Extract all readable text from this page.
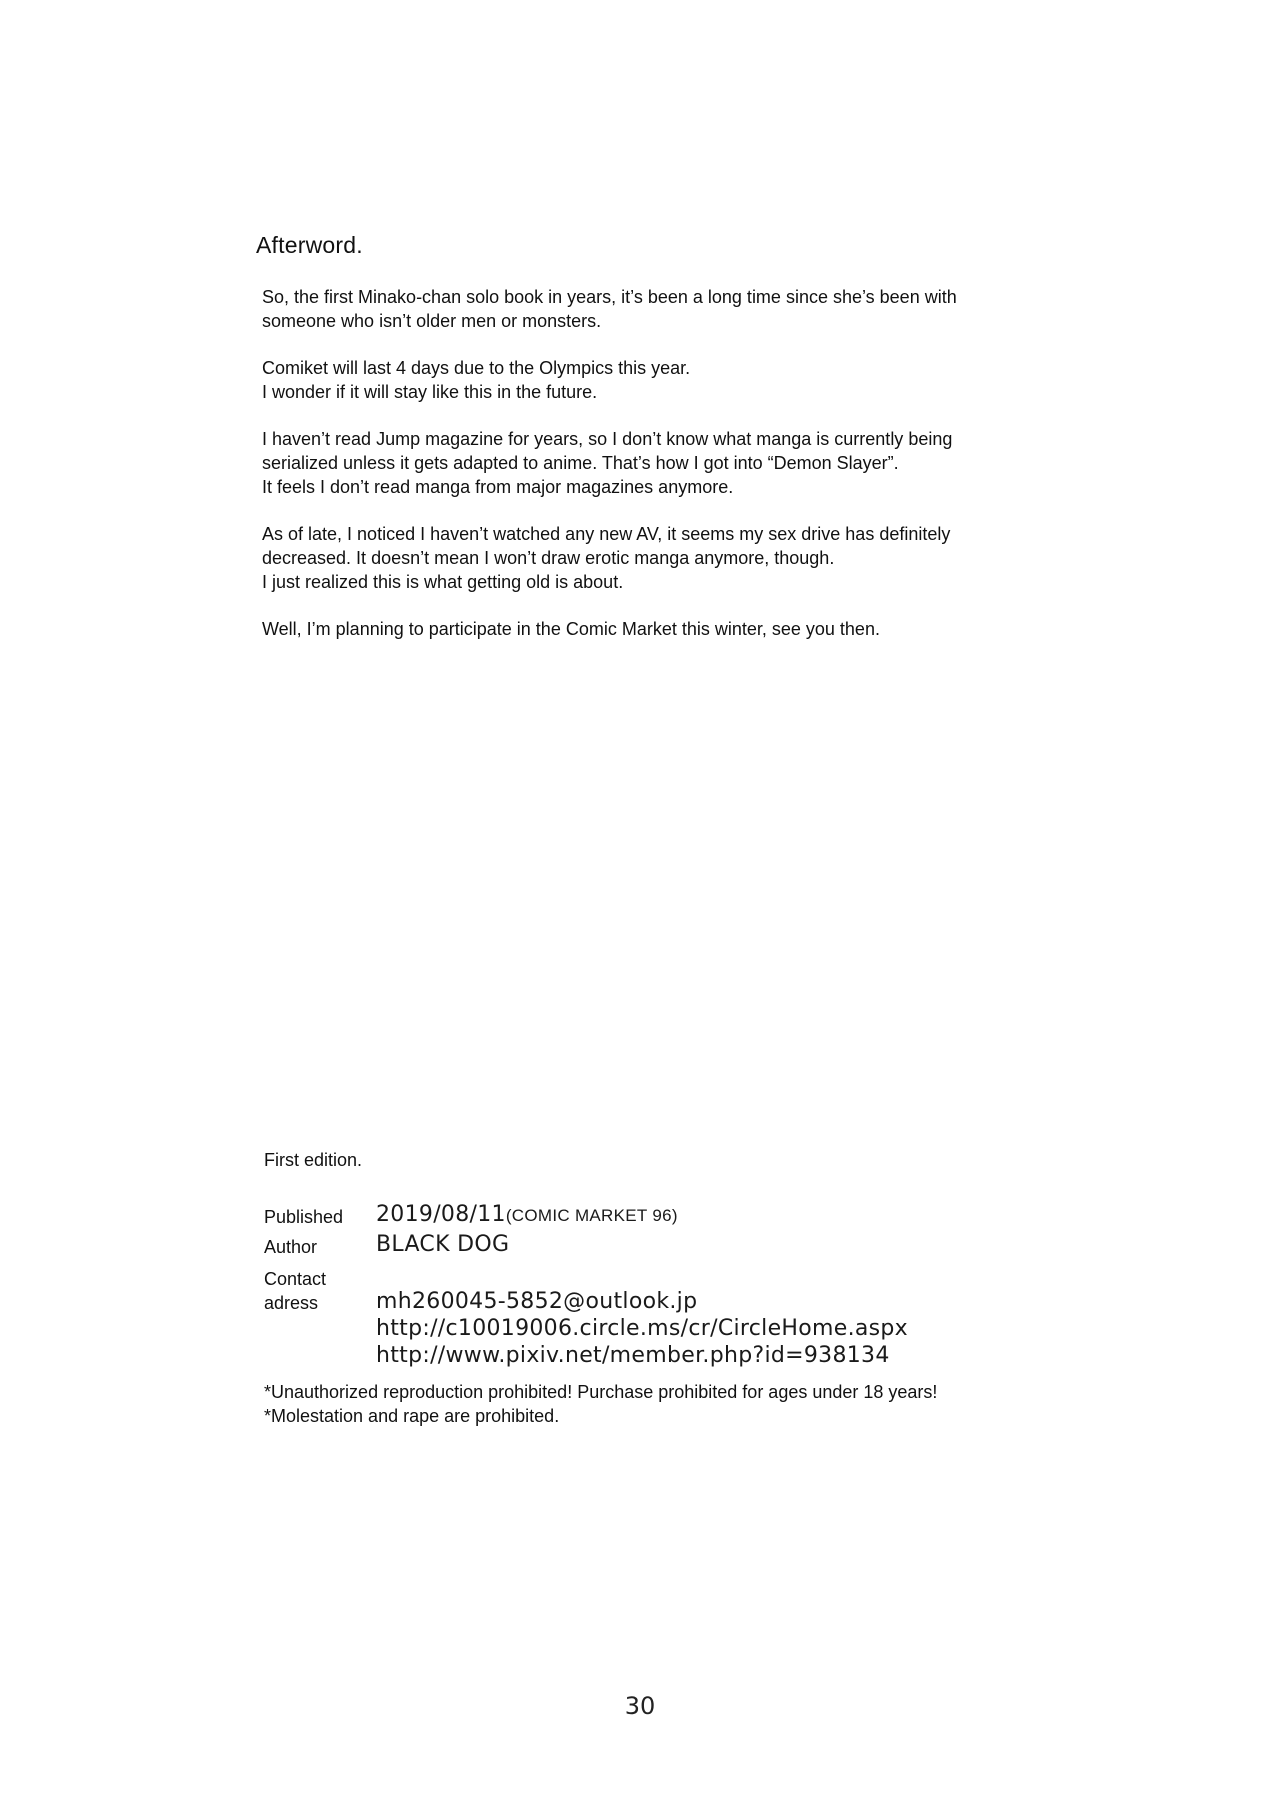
Afterword.

So, the first Minako-chan solo book in years, it’s been a long time since she’s been with
someone who isn’t older men or monsters.

Comiket will last 4 days due to the Olympics this year.
I wonder if it will stay like this in the future.

I haven’t read Jump magazine for years, so I don’t know what manga is currently being
serialized unless it gets adapted to anime. That’s how I got into “Demon Slayer”.
It feels I don’t read manga from major magazines anymore.

As of late, I noticed I haven’t watched any new AV, it seems my sex drive has definitely
decreased. It doesn’t mean I won’t draw erotic manga anymore, though.
I just realized this is what getting old is about.

Well, I’m planning to participate in the Comic Market this winter, see you then.

First edition.
Published 2019/08/11(COMIC MARKET 96)
Author	BLACK DOG
Contact
adress	mh260045-5852@outlook.jp
http://c10019006.circle.ms/cr/CircleHome.aspx
http://www.pixiv.net/member.php?id=938134
*Unauthorized reproduction prohibited! Purchase prohibited for ages under 18 years!
*Molestation and rape are prohibited.
30
